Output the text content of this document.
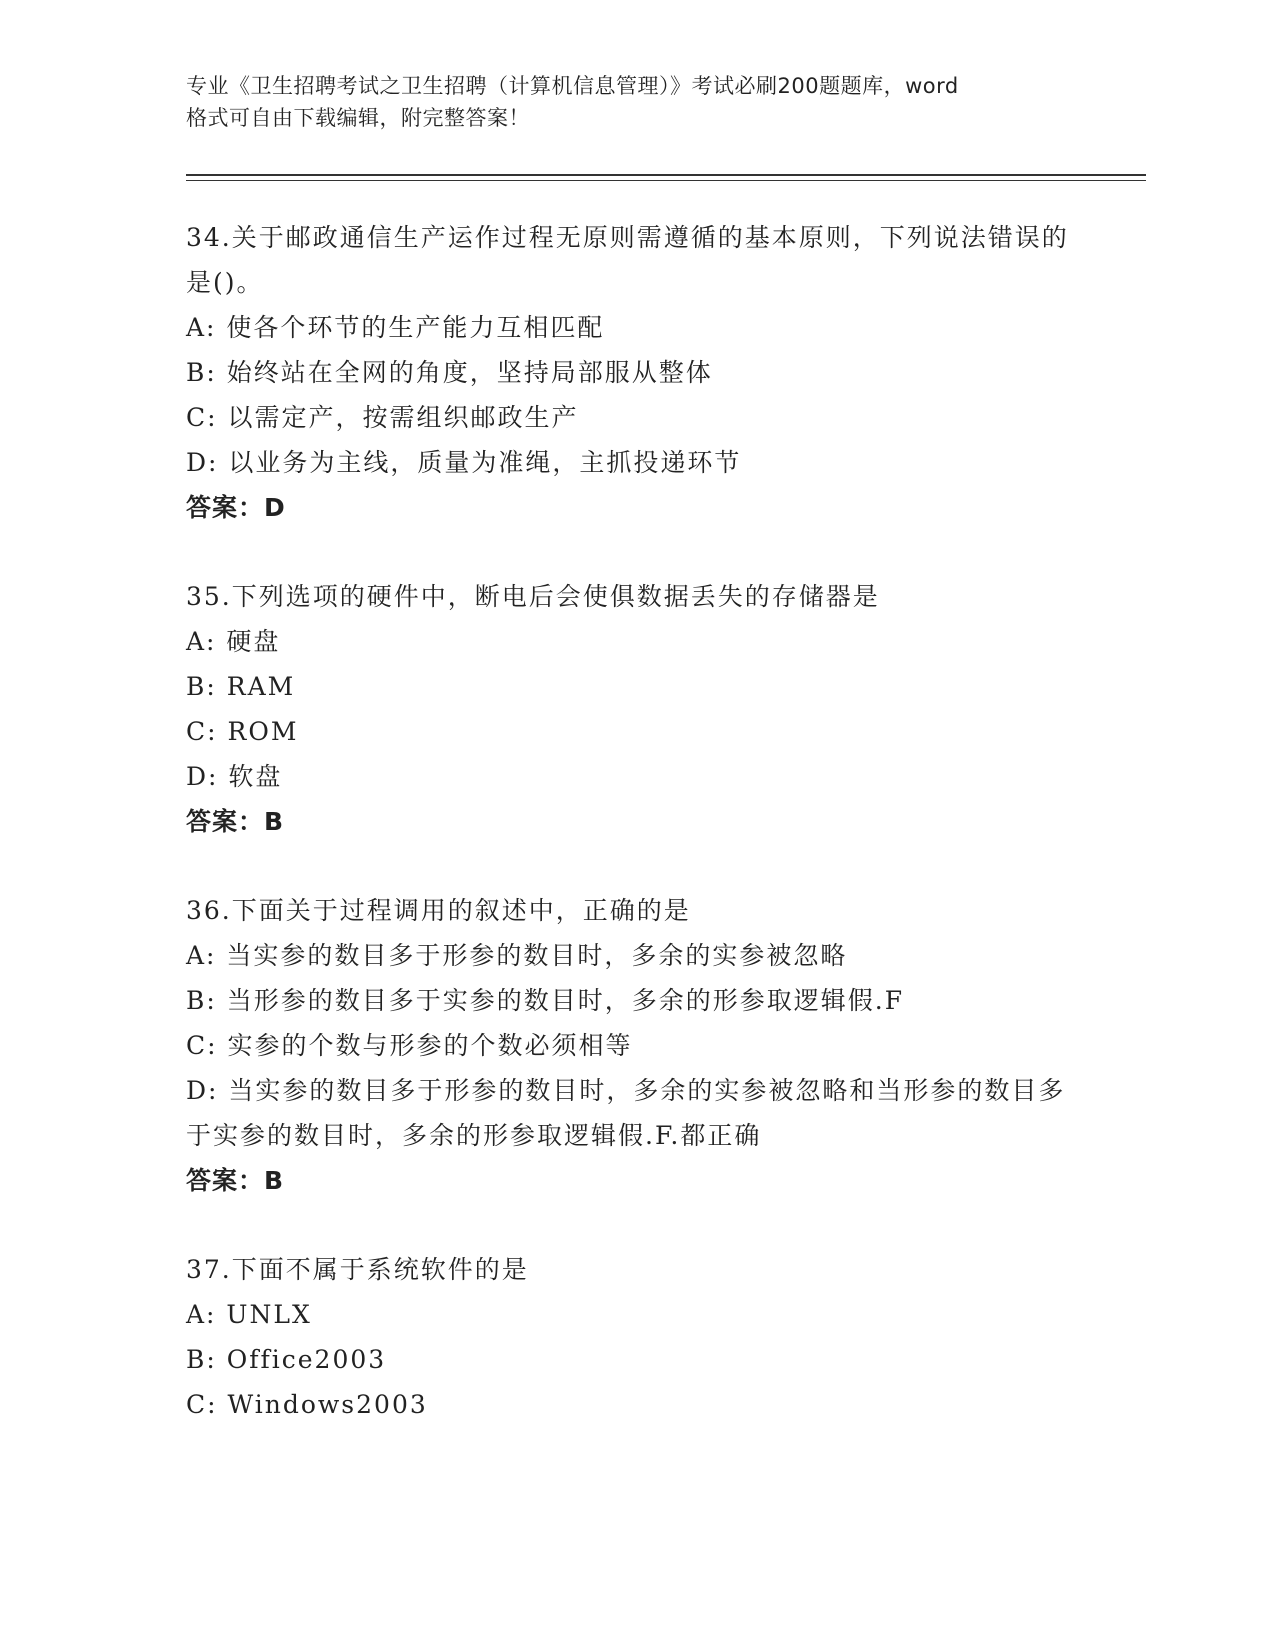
专业《卫生招聘考试之卫生招聘（计算机信息管理）》考试必刷200题题库，word
格式可自由下载编辑，附完整答案！
34.关于邮政通信生产运作过程无原则需遵循的基本原则，下列说法错误的是()。
A: 使各个环节的生产能力互相匹配
B: 始终站在全网的角度，坚持局部服从整体
C: 以需定产，按需组织邮政生产
D: 以业务为主线，质量为准绳，主抓投递环节
答案：D
35.下列选项的硬件中，断电后会使俱数据丢失的存储器是
A: 硬盘
B: RAM
C: ROM
D: 软盘
答案：B
36.下面关于过程调用的叙述中，正确的是
A: 当实参的数目多于形参的数目时，多余的实参被忽略
B: 当形参的数目多于实参的数目时，多余的形参取逻辑假.F
C: 实参的个数与形参的个数必须相等
D: 当实参的数目多于形参的数目时，多余的实参被忽略和当形参的数目多于实参的数目时，多余的形参取逻辑假.F.都正确
答案：B
37.下面不属于系统软件的是
A: UNLX
B: Office2003
C: Windows2003
